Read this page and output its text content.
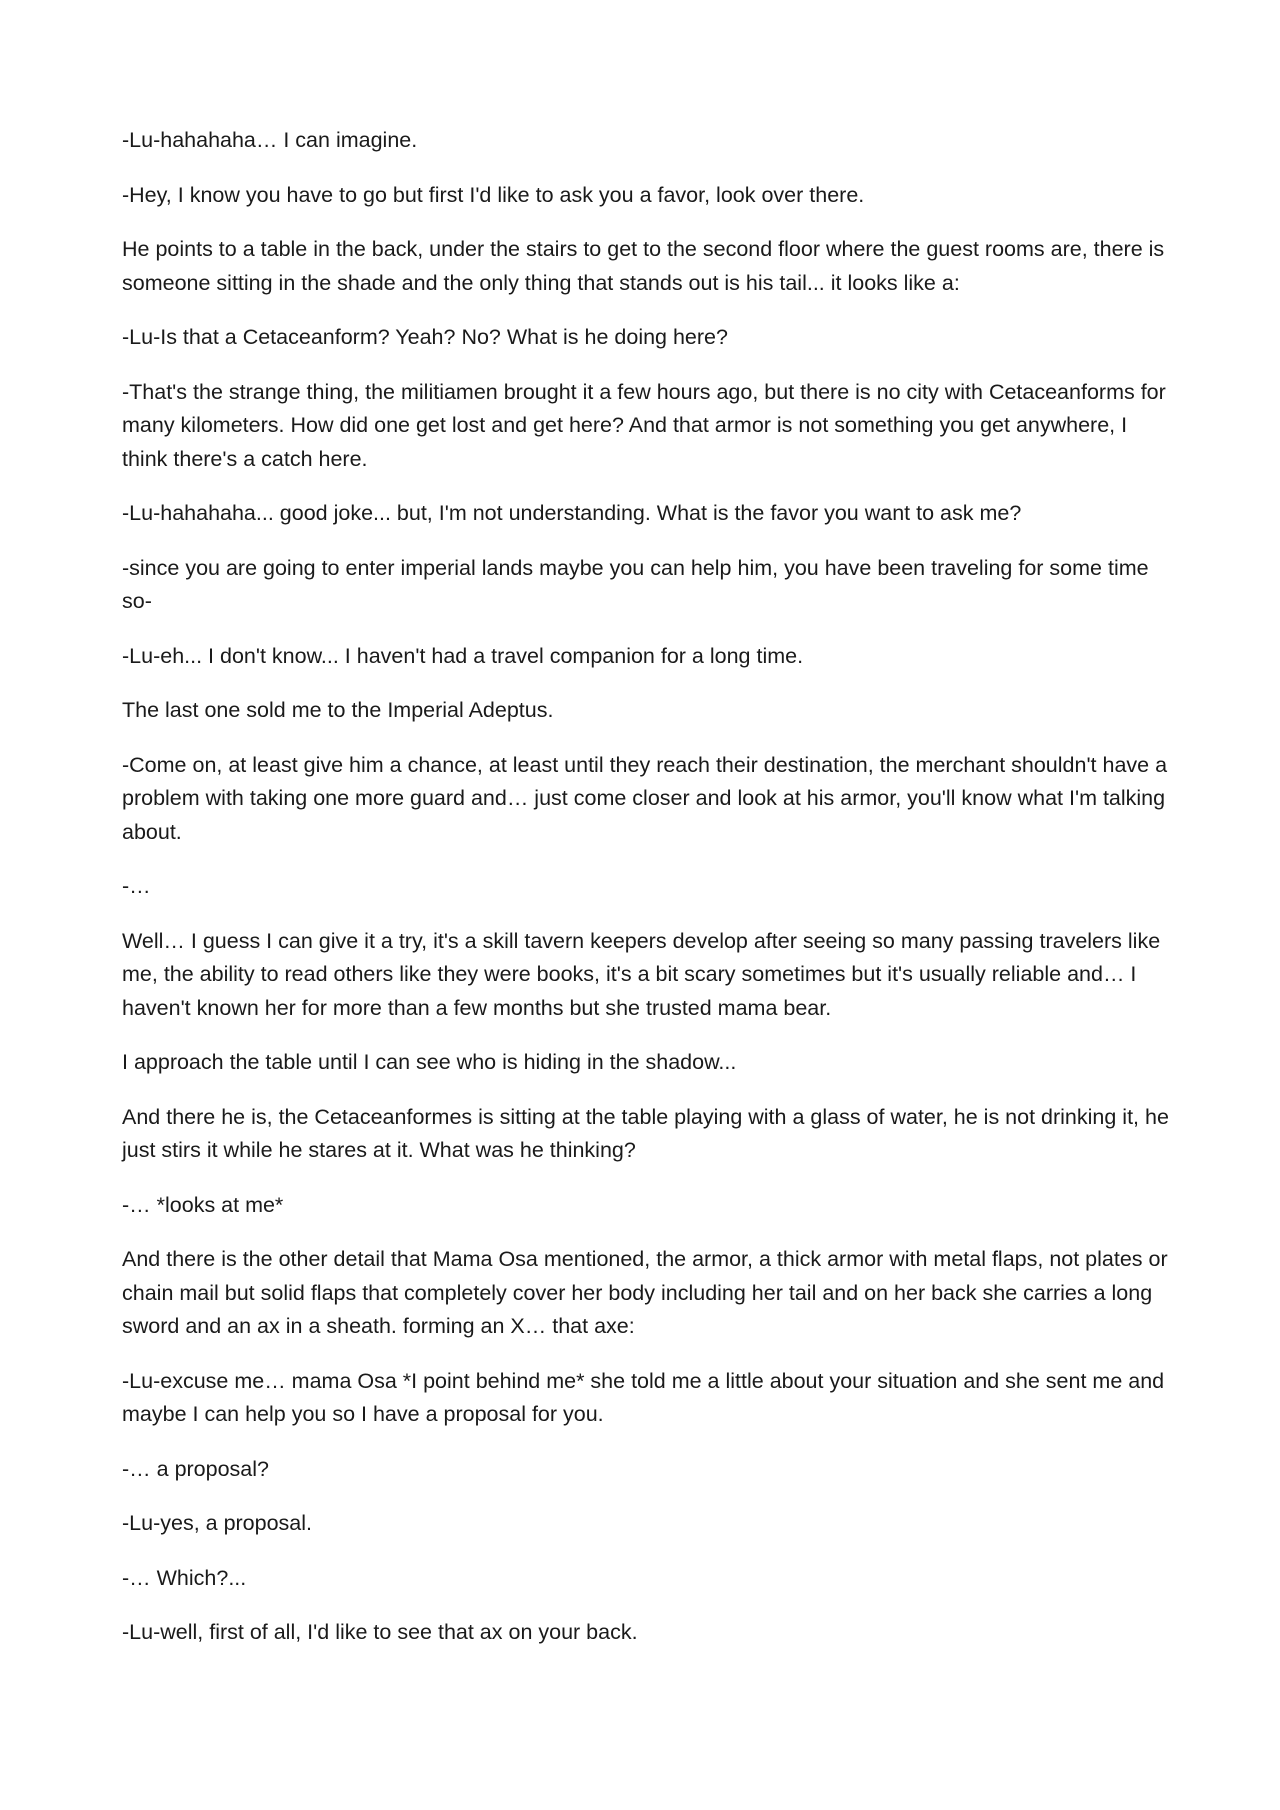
-Lu-hahahaha… I can imagine.

-Hey, I know you have to go but first I'd like to ask you a favor, look over there.

He points to a table in the back, under the stairs to get to the second floor where the guest rooms are, there is someone sitting in the shade and the only thing that stands out is his tail... it looks like a:

-Lu-Is that a Cetaceanform? Yeah? No? What is he doing here?

-That's the strange thing, the militiamen brought it a few hours ago, but there is no city with Cetaceanforms for many kilometers. How did one get lost and get here? And that armor is not something you get anywhere, I think there's a catch here.

-Lu-hahahaha... good joke... but, I'm not understanding. What is the favor you want to ask me?

-since you are going to enter imperial lands maybe you can help him, you have been traveling for some time so-

-Lu-eh... I don't know... I haven't had a travel companion for a long time.

The last one sold me to the Imperial Adeptus.

-Come on, at least give him a chance, at least until they reach their destination, the merchant shouldn't have a problem with taking one more guard and… just come closer and look at his armor, you'll know what I'm talking about.

-…

Well… I guess I can give it a try, it's a skill tavern keepers develop after seeing so many passing travelers like me, the ability to read others like they were books, it's a bit scary sometimes but it's usually reliable and… I haven't known her for more than a few months but she trusted mama bear.

I approach the table until I can see who is hiding in the shadow...

And there he is, the Cetaceanformes is sitting at the table playing with a glass of water, he is not drinking it, he just stirs it while he stares at it. What was he thinking?

-… *looks at me*

And there is the other detail that Mama Osa mentioned, the armor, a thick armor with metal flaps, not plates or chain mail but solid flaps that completely cover her body including her tail and on her back she carries a long sword and an ax in a sheath. forming an X… that axe:

-Lu-excuse me… mama Osa *I point behind me* she told me a little about your situation and she sent me and maybe I can help you so I have a proposal for you.

-… a proposal?

-Lu-yes, a proposal.

-… Which?...

-Lu-well, first of all, I'd like to see that ax on your back.
